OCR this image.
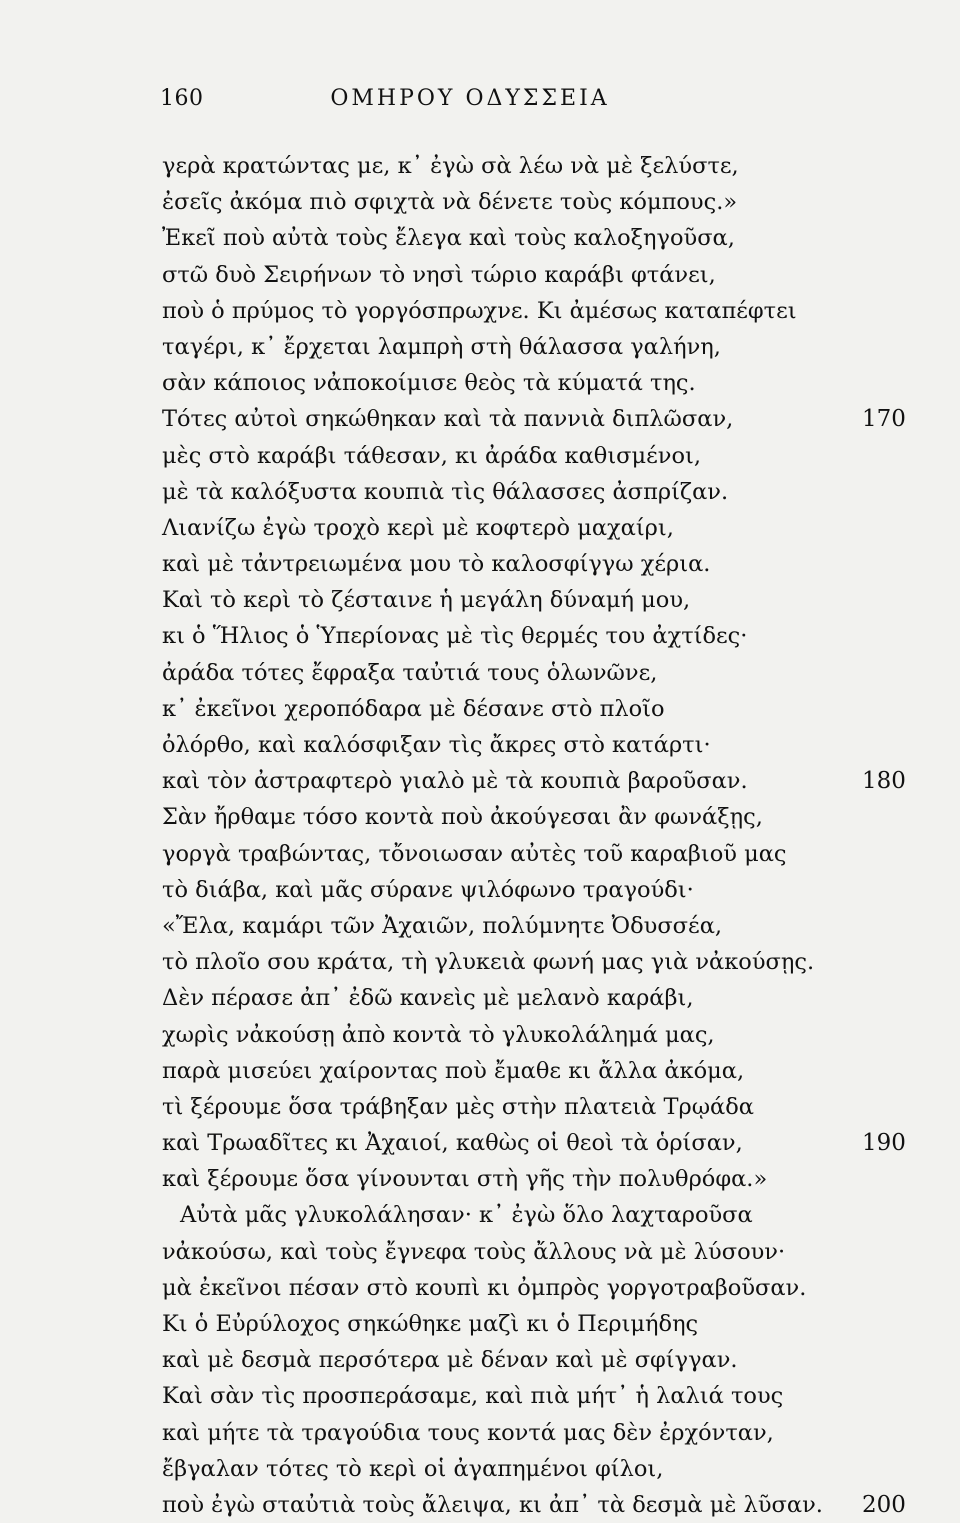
160	ΟΜΗΡΟΥ ΟΔΥΣΣΕΙΑ
γερὰ κρατώντας με, κ᾽ ἐγὼ σὰ λέω νὰ μὲ ξελύστε,
ἐσεῖς ἀκόμα πιὸ σφιχτὰ νὰ δένετε τοὺς κόμπους.»
Ἐκεῖ ποὺ αὐτὰ τοὺς ἔλεγα καὶ τοὺς καλοξηγοῦσα,
στῶ δυὸ Σειρήνων τὸ νησὶ τώριο καράβι φτάνει,
ποὺ ὁ πρύμος τὸ γοργόσπρωχνε. Κι ἀμέσως καταπέφτει
ταγέρι, κ᾽ ἔρχεται λαμπρὴ στὴ θάλασσα γαλήνη,
σὰν κάποιος νἀποκοίμισε θεὸς τὰ κύματά της.
Τότες αὐτοὶ σηκώθηκαν καὶ τὰ παννιὰ διπλῶσαν,	170
μὲς στὸ καράβι τάθεσαν, κι ἀράδα καθισμένοι,
μὲ τὰ καλόξυστα κουπιὰ τὶς θάλασσες ἀσπρίζαν.
Λιανίζω ἐγὼ τροχὸ κερὶ μὲ κοφτερὸ μαχαίρι,
καὶ μὲ τἀντρειωμένα μου τὸ καλοσφίγγω χέρια.
Καὶ τὸ κερὶ τὸ ζέσταινε ἡ μεγάλη δύναμή μου,
κι ὁ Ἥλιος ὁ Ὑπερίονας μὲ τὶς θερμές του ἀχτίδες·
ἀράδα τότες ἔφραξα ταὐτιά τους ὁλωνῶνε,
κ᾽ ἐκεῖνοι χεροπόδαρα μὲ δέσανε στὸ πλοῖο
ὀλόρθο, καὶ καλόσφιξαν τὶς ἄκρες στὸ κατάρτι·
καὶ τὸν ἀστραφτερὸ γιαλὸ μὲ τὰ κουπιὰ βαροῦσαν.	180
Σὰν ἤρθαμε τόσο κοντὰ ποὺ ἀκούγεσαι ἂν φωνάξῃς,
γοργὰ τραβώντας, τὄνοιωσαν αὐτὲς τοῦ καραβιοῦ μας
τὸ διάβα, καὶ μᾶς σύρανε ψιλόφωνο τραγούδι·
«Ἔλα, καμάρι τῶν Ἀχαιῶν, πολύμνητε Ὀδυσσέα,
τὸ πλοῖο σου κράτα, τὴ γλυκειὰ φωνή μας γιὰ νἀκούσῃς.
Δὲν πέρασε ἀπ᾽ ἐδῶ κανεὶς μὲ μελανὸ καράβι,
χωρὶς νἀκούσῃ ἀπὸ κοντὰ τὸ γλυκολάλημά μας,
παρὰ μισεύει χαίροντας ποὺ ἔμαθε κι ἄλλα ἀκόμα,
τὶ ξέρουμε ὅσα τράβηξαν μὲς στὴν πλατειὰ Τρῳάδα
καὶ Τρωαδῖτες κι Ἀχαιοί, καθὼς οἱ θεοὶ τὰ ὁρίσαν,	190
καὶ ξέρουμε ὅσα γίνουνται στὴ γῆς τὴν πολυθρόφα.»
Αὐτὰ μᾶς γλυκολάλησαν· κ᾽ ἐγὼ ὅλο λαχταροῦσα
νἀκούσω, καὶ τοὺς ἔγνεφα τοὺς ἄλλους νὰ μὲ λύσουν·
μὰ ἐκεῖνοι πέσαν στὸ κουπὶ κι ὀμπρὸς γοργοτραβοῦσαν.
Κι ὁ Εὐρύλοχος σηκώθηκε μαζὶ κι ὁ Περιμήδης
καὶ μὲ δεσμὰ περσότερα μὲ δέναν καὶ μὲ σφίγγαν.
Καὶ σὰν τὶς προσπεράσαμε, καὶ πιὰ μήτ᾽ ἡ λαλιά τους
καὶ μήτε τὰ τραγούδια τους κοντά μας δὲν ἐρχόνταν,
ἔβγαλαν τότες τὸ κερὶ οἱ ἀγαπημένοι φίλοι,
ποὺ ἐγὼ σταὐτιὰ τοὺς ἄλειψα, κι ἀπ᾽ τὰ δεσμὰ μὲ λῦσαν. 200
